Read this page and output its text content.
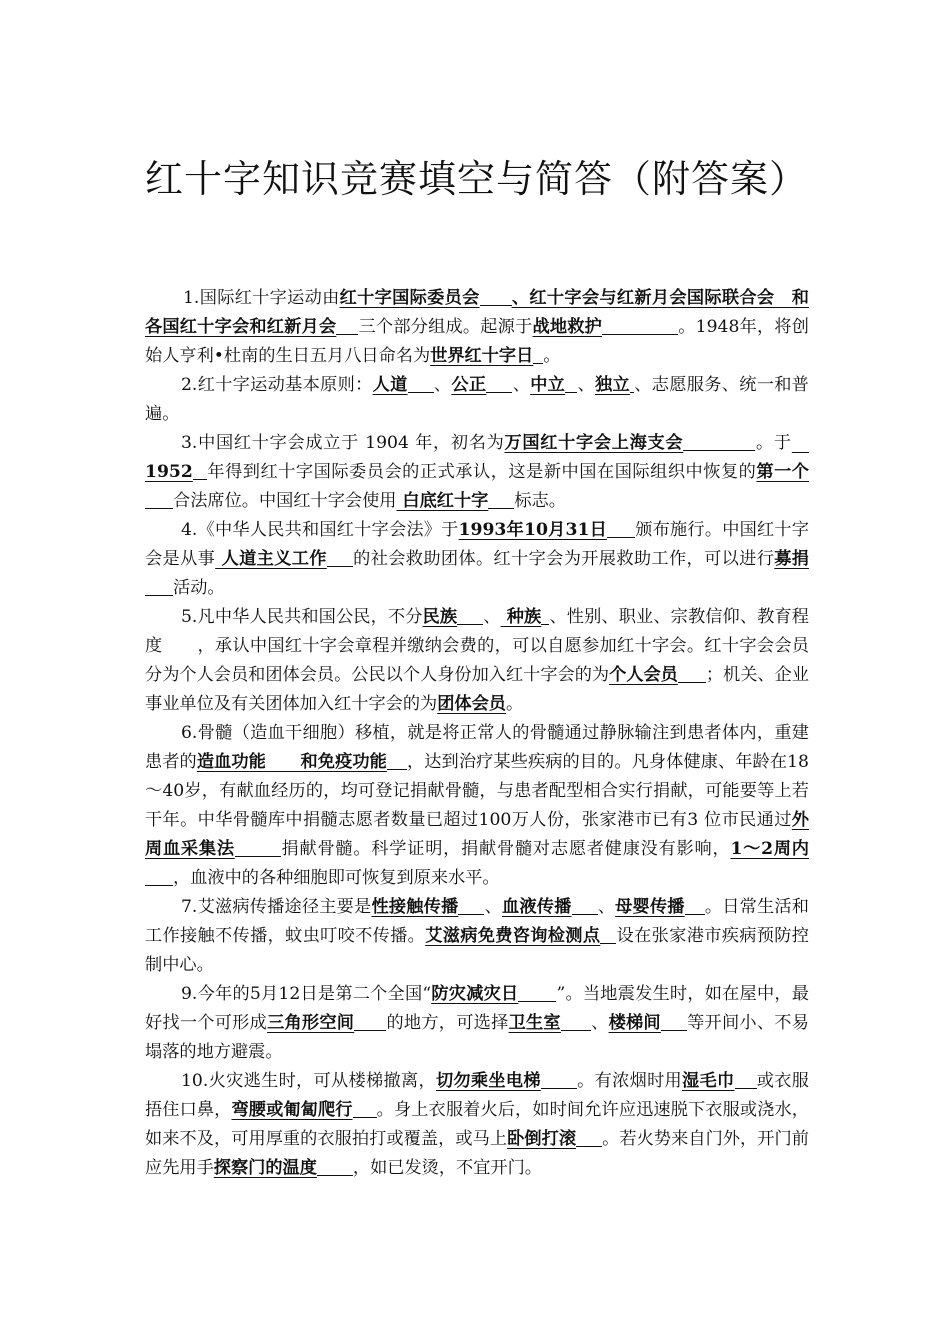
红十字知识竞赛填空与简答（附答案）

1.国际红十字运动由红十字国际委员会 、红十字会与红新月会国际联合会　和各国红十字会和红新月会 三个部分组成。起源于战地救护	。1948年，将创始人亨利•杜南的生日五月八日命名为世界红十字日 。

2.红十字运动基本原则：人道 、公正 、中立 、独立 、志愿服务、统一和普遍。

3.中国红十字会成立于 1904 年，初名为万国红十字会上海支会	。于　1952 年得到红十字国际委员会的正式承认，这是新中国在国际组织中恢复的第一个合法席位。中国红十字会使用 白底红十字 标志。

4.《中华人民共和国红十字会法》于1993年10月31日 颁布施行。中国红十字会是从事 人道主义工作 的社会救助团体。红十字会为开展救助工作，可以进行募捐活动。

5.凡中华人民共和国公民，不分民族 、 种族 、性别、职业、宗教信仰、教育程度　　，承认中国红十字会章程并缴纳会费的，可以自愿参加红十字会。红十字会会员分为个人会员和团体会员。公民以个人身份加入红十字会的为个人会员 ；机关、企业事业单位及有关团体加入红十字会的为团体会员。

6.骨髓（造血干细胞）移植，就是将正常人的骨髓通过静脉输注到患者体内，重建患者的造血功能　　和免疫功能 ，达到治疗某些疾病的目的。凡身体健康、年龄在18～40岁，有献血经历的，均可登记捐献骨髓，与患者配型相合实行捐献，可能要等上若干年。中华骨髓库中捐髓志愿者数量已超过100万人份，张家港市已有3 位市民通过外周血采集法	捐献骨髓。科学证明，捐献骨髓对志愿者健康没有影响，1～2周内，血液中的各种细胞即可恢复到原来水平。

7.艾滋病传播途径主要是性接触传播 、血液传播 、母婴传播 。日常生活和工作接触不传播，蚊虫叮咬不传播。艾滋病免费咨询检测点 设在张家港市疾病预防控制中心。

9.今年的5月12日是第二个全国“防灾减灾日 ”。当地震发生时，如在屋中，最好找一个可形成三角形空间 的地方，可选择卫生室 、楼梯间 等开间小、不易塌落的地方避震。

10.火灾逃生时，可从楼梯撤离，切勿乘坐电梯 。有浓烟时用湿毛巾 或衣服捂住口鼻，弯腰或匍匐爬行 。身上衣服着火后，如时间允许应迅速脱下衣服或浇水，如来不及，可用厚重的衣服拍打或覆盖，或马上卧倒打滚 。若火势来自门外，开门前应先用手探察门的温度 ，如已发烫，不宜开门。
